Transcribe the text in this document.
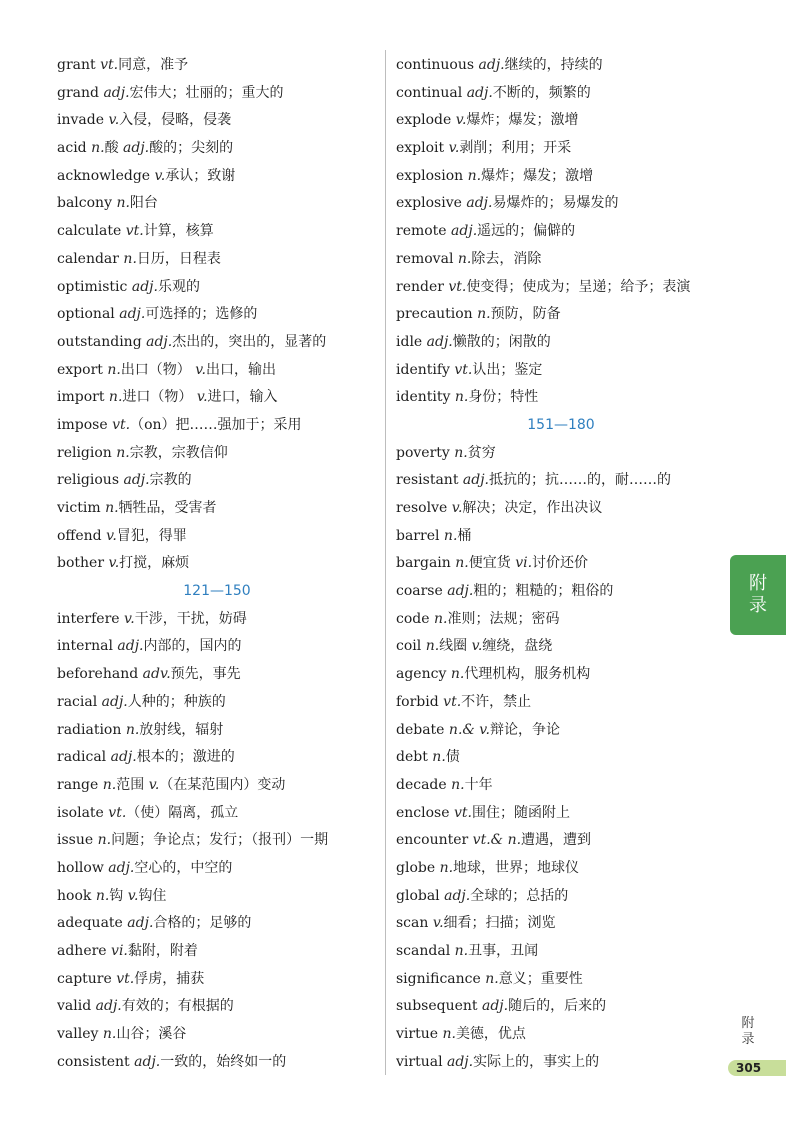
grant vt.同意，准予
grand adj.宏伟大；壮丽的；重大的
invade v.入侵，侵略，侵袭
acid n.酸 adj.酸的；尖刻的
acknowledge v.承认；致谢
balcony n.阳台
calculate vt.计算，核算
calendar n.日历，日程表
optimistic adj.乐观的
optional adj.可选择的；选修的
outstanding adj.杰出的，突出的，显著的
export n.出口（物） v.出口，输出
import n.进口（物） v.进口，输入
impose vt.（on）把……强加于；采用
religion n.宗教，宗教信仰
religious adj.宗教的
victim n.牺牲品，受害者
offend v.冒犯，得罪
bother v.打搅，麻烦
121—150
interfere v.干涉，干扰，妨碍
internal adj.内部的，国内的
beforehand adv.预先，事先
racial adj.人种的；种族的
radiation n.放射线，辐射
radical adj.根本的；激进的
range n.范围 v.（在某范围内）变动
isolate vt.（使）隔离，孤立
issue n.问题；争论点；发行；（报刊）一期
hollow adj.空心的，中空的
hook n.钩 v.钩住
adequate adj.合格的；足够的
adhere vi.黏附，附着
capture vt.俘虏，捕获
valid adj.有效的；有根据的
valley n.山谷；溪谷
consistent adj.一致的，始终如一的
continuous adj.继续的，持续的
continual adj.不断的，频繁的
explode v.爆炸；爆发；激增
exploit v.剥削；利用；开采
explosion n.爆炸；爆发；激增
explosive adj.易爆炸的；易爆发的
remote adj.遥远的；偏僻的
removal n.除去，消除
render vt.使变得；使成为；呈递；给予；表演
precaution n.预防，防备
idle adj.懒散的；闲散的
identify vt.认出；鉴定
identity n.身份；特性
151—180
poverty n.贫穷
resistant adj.抵抗的；抗……的，耐……的
resolve v.解决；决定，作出决议
barrel n.桶
bargain n.便宜货 vi.讨价还价
coarse adj.粗的；粗糙的；粗俗的
code n.准则；法规；密码
coil n.线圈 v.缠绕，盘绕
agency n.代理机构，服务机构
forbid vt.不许，禁止
debate n.& v.辩论，争论
debt n.债
decade n.十年
enclose vt.围住；随函附上
encounter vt.& n.遭遇，遭到
globe n.地球，世界；地球仪
global adj.全球的；总括的
scan v.细看；扫描；浏览
scandal n.丑事，丑闻
significance n.意义；重要性
subsequent adj.随后的，后来的
virtue n.美德，优点
virtual adj.实际上的，事实上的
附
录
附
录
305
